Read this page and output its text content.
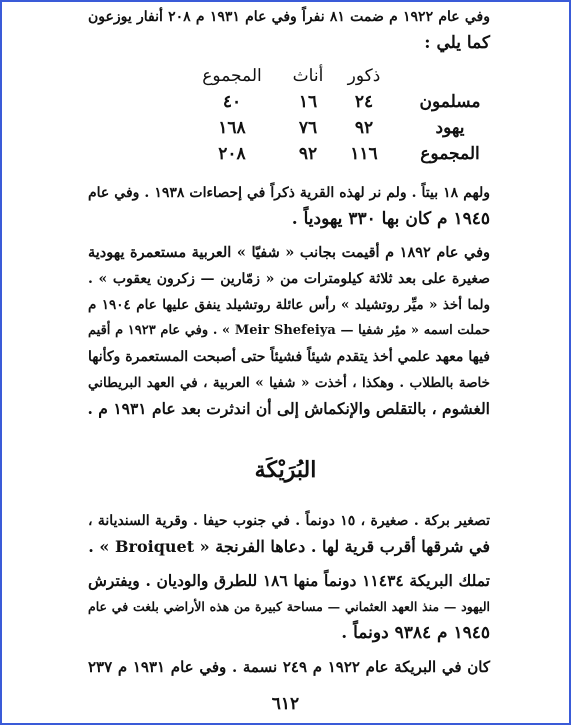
وفي عام ١٩٢٢ م ضمت ٨١ نفراً وفي عام ١٩٣١ م ٢٠٨ أنفار يوزعون
كما يلي :
ذكور
أناث
المجموع
مسلمون
٢٤
١٦
٤٠
يهود
٩٢
٧٦
١٦٨
المجموع
١١٦
٩٢
٢٠٨
ولهم ١٨ بيتاً . ولم نر لهذه القرية ذكراً في إحصاءات ١٩٣٨ . وفي عام
١٩٤٥ م كان بها ٣٣٠ يهودياً .
وفي عام ١٨٩٢ م أقيمت بجانب « شفيّا » العربية مستعمرة يهودية
صغيرة على بعد ثلاثة كيلومترات من « زمّارين — زكرون يعقوب » .
ولما أخذ « ميِّر روتشيلد » رأس عائلة روتشيلد ينفق عليها عام ١٩٠٤ م
حملت اسمه « مئِر شفيا — Meir Shefeiya » . وفي عام ١٩٢٣ م أقيم
فيها معهد علمي أخذ يتقدم شيئاً فشيئاً حتى أصبحت المستعمرة وكأنها
خاصة بالطلاب . وهكذا ، أخذت « شفيا » العربية ، في العهد البريطاني
الغشوم ، بالتقلص والإنكماش إلى أن اندثرت بعد عام ١٩٣١ م .
البُرَيْكَة
تصغير بركة . صغيرة ، ١٥ دونماً . في جنوب حيفا . وقرية السنديانة ،
في شرقها أقرب قرية لها . دعاها الفرنجة « Broiquet » .
تملك البريكة ١١٤٣٤ دونماً منها ١٨٦ للطرق والوديان . ويفترش
اليهود — منذ العهد العثماني — مساحة كبيرة من هذه الأراضي بلغت في عام
١٩٤٥ م ٩٣٨٤ دونماً .
كان في البريكة عام ١٩٢٢ م ٢٤٩ نسمة . وفي عام ١٩٣١ م ٢٣٧
٦١٢
